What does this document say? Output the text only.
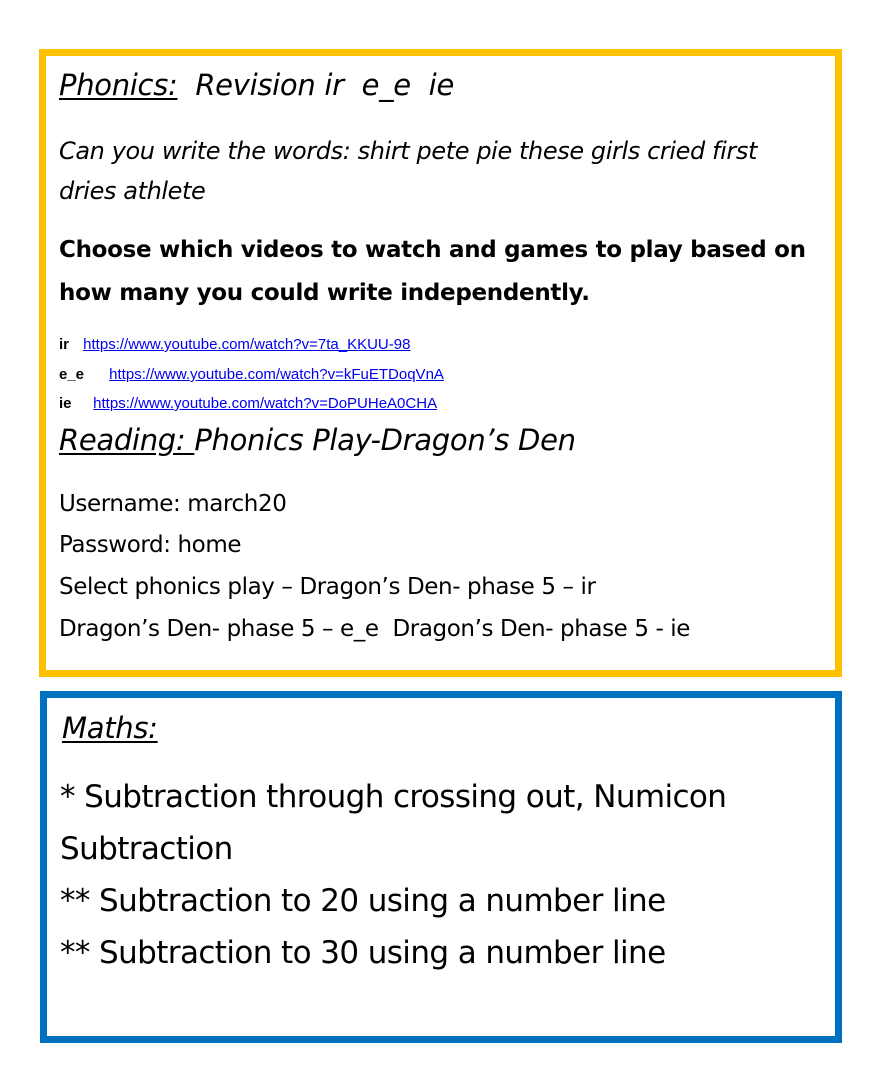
Phonics: Revision ir  e_e  ie
Can you write the words: shirt pete pie these girls cried first
dries athlete
Choose which videos to watch and games to play based on
how many you could write independently.
ir https://www.youtube.com/watch?v=7ta_KKUU-98
e_e https://www.youtube.com/watch?v=kFuETDoqVnA
ie https://www.youtube.com/watch?v=DoPUHeA0CHA
Reading: Phonics Play-Dragon’s Den
Username: march20
Password: home
Select phonics play – Dragon’s Den- phase 5 – ir
Dragon’s Den- phase 5 – e_e  Dragon’s Den- phase 5 - ie
Maths:
* Subtraction through crossing out, Numicon
Subtraction
** Subtraction to 20 using a number line
** Subtraction to 30 using a number line
